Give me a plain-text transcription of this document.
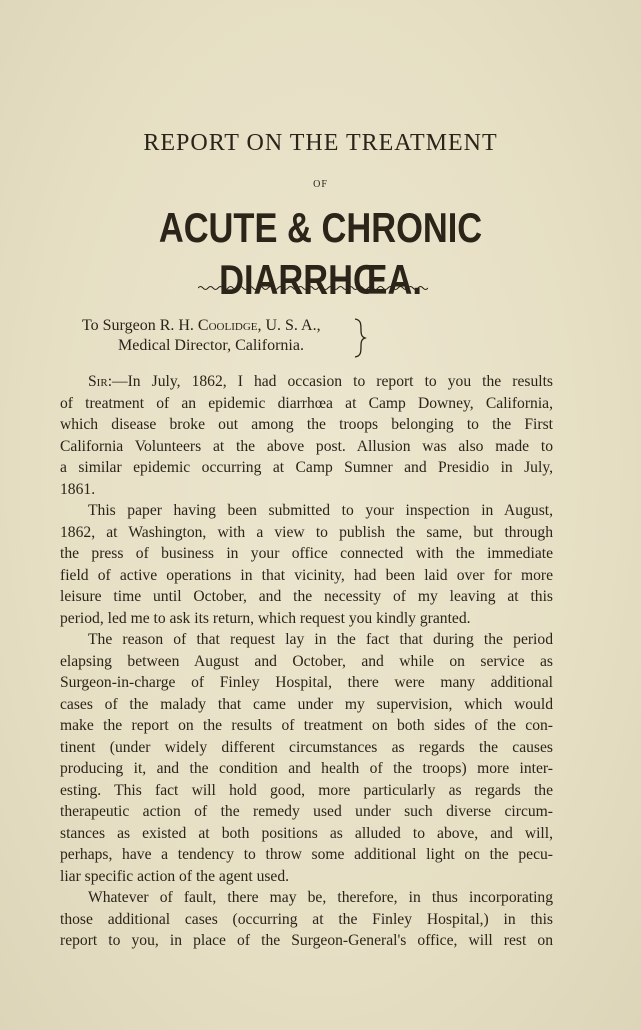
REPORT ON THE TREATMENT
OF
ACUTE & CHRONIC DIARRHŒA.
To Surgeon R. H. Coolidge, U. S. A.,
Medical Director, California.
Sir:—In July, 1862, I had occasion to report to you the results
of treatment of an epidemic diarrhœa at Camp Downey, California,
which disease broke out among the troops belonging to the First
California Volunteers at the above post. Allusion was also made to
a similar epidemic occurring at Camp Sumner and Presidio in July,
1861.
This paper having been submitted to your inspection in August,
1862, at Washington, with a view to publish the same, but through
the press of business in your office connected with the immediate
field of active operations in that vicinity, had been laid over for more
leisure time until October, and the necessity of my leaving at this
period, led me to ask its return, which request you kindly granted.
The reason of that request lay in the fact that during the period
elapsing between August and October, and while on service as
Surgeon-in-charge of Finley Hospital, there were many additional
cases of the malady that came under my supervision, which would
make the report on the results of treatment on both sides of the con-
tinent (under widely different circumstances as regards the causes
producing it, and the condition and health of the troops) more inter-
esting. This fact will hold good, more particularly as regards the
therapeutic action of the remedy used under such diverse circum-
stances as existed at both positions as alluded to above, and will,
perhaps, have a tendency to throw some additional light on the pecu-
liar specific action of the agent used.
Whatever of fault, there may be, therefore, in thus incorporating
those additional cases (occurring at the Finley Hospital,) in this
report to you, in place of the Surgeon-General's office, will rest on
